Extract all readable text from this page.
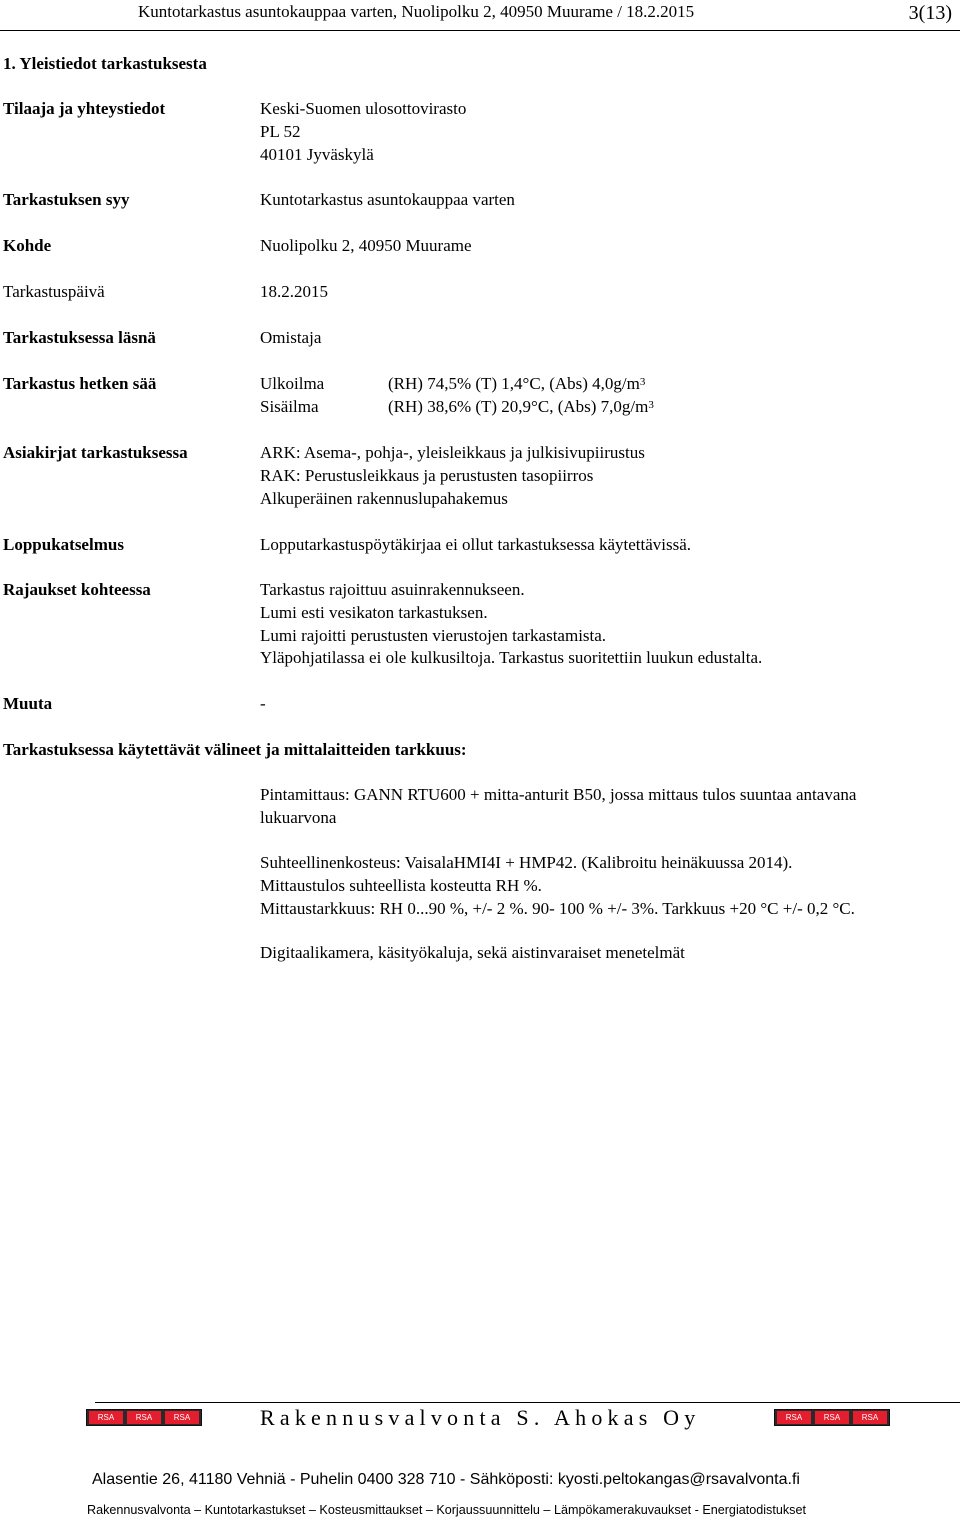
Kuntotarkastus asuntokauppaa varten, Nuolipolku 2, 40950 Muurame / 18.2.2015	3(13)
1. Yleistiedot tarkastuksesta
Tilaaja ja yhteystiedot	Keski-Suomen ulosottovirasto
PL 52
40101 Jyväskylä
Tarkastuksen syy	Kuntotarkastus asuntokauppaa varten
Kohde	Nuolipolku 2, 40950 Muurame
Tarkastuspäivä	18.2.2015
Tarkastuksessa läsnä	Omistaja
Tarkastus hetken sää	Ulkoilma	(RH) 74,5% (T) 1,4°C, (Abs) $4,0g/m^3$
Sisäilma	(RH) 38,6% (T) 20,9°C, (Abs) $7,0g/m^3$
Asiakirjat tarkastuksessa	ARK: Asema-, pohja-, yleisleikkaus ja julkisivupiirustus
RAK: Perustusleikkaus ja perustusten tasopiirros
Alkuperäinen rakennuslupahakemus
Loppukatselmus	Lopputarkastuspöytäkirjaa ei ollut tarkastuksessa käytettävissä.
Rajaukset kohteessa	Tarkastus rajoittuu asuinrakennukseen.
Lumi esti vesikaton tarkastuksen.
Lumi rajoitti perustusten vierustojen tarkastamista.
Yläpohjatilassa ei ole kulkusiltoja. Tarkastus suoritettiin luukun edustalta.
Muuta	-
Tarkastuksessa käytettävät välineet ja mittalaitteiden tarkkuus:
Pintamittaus: GANN RTU600 + mitta-anturit B50, jossa mittaus tulos suuntaa antavana
lukuarvona
Suhteellinenkosteus: VaisalaHMI4I + HMP42. (Kalibroitu heinäkuussa 2014).
Mittaustulos suhteellista kosteutta RH %.
Mittaustarkkuus: RH 0...90 %, +/- 2 %. 90- 100 % +/- 3%. Tarkkuus +20 °C +/- 0,2 °C.
Digitaalikamera, käsityökaluja, sekä aistinvaraiset menetelmät
RSA	RSA	RSA	Rakennusvalvonta S. Ahokas Oy	RSA	RSA	RSA
Alasentie 26, 41180 Vehniä - Puhelin 0400 328 710 - Sähköposti: kyosti.peltokangas@rsavalvonta.fi
Rakennusvalvonta – Kuntotarkastukset – Kosteusmittaukset – Korjaussuunnittelu – Lämpökamerakuvaukset - Energiatodistukset
